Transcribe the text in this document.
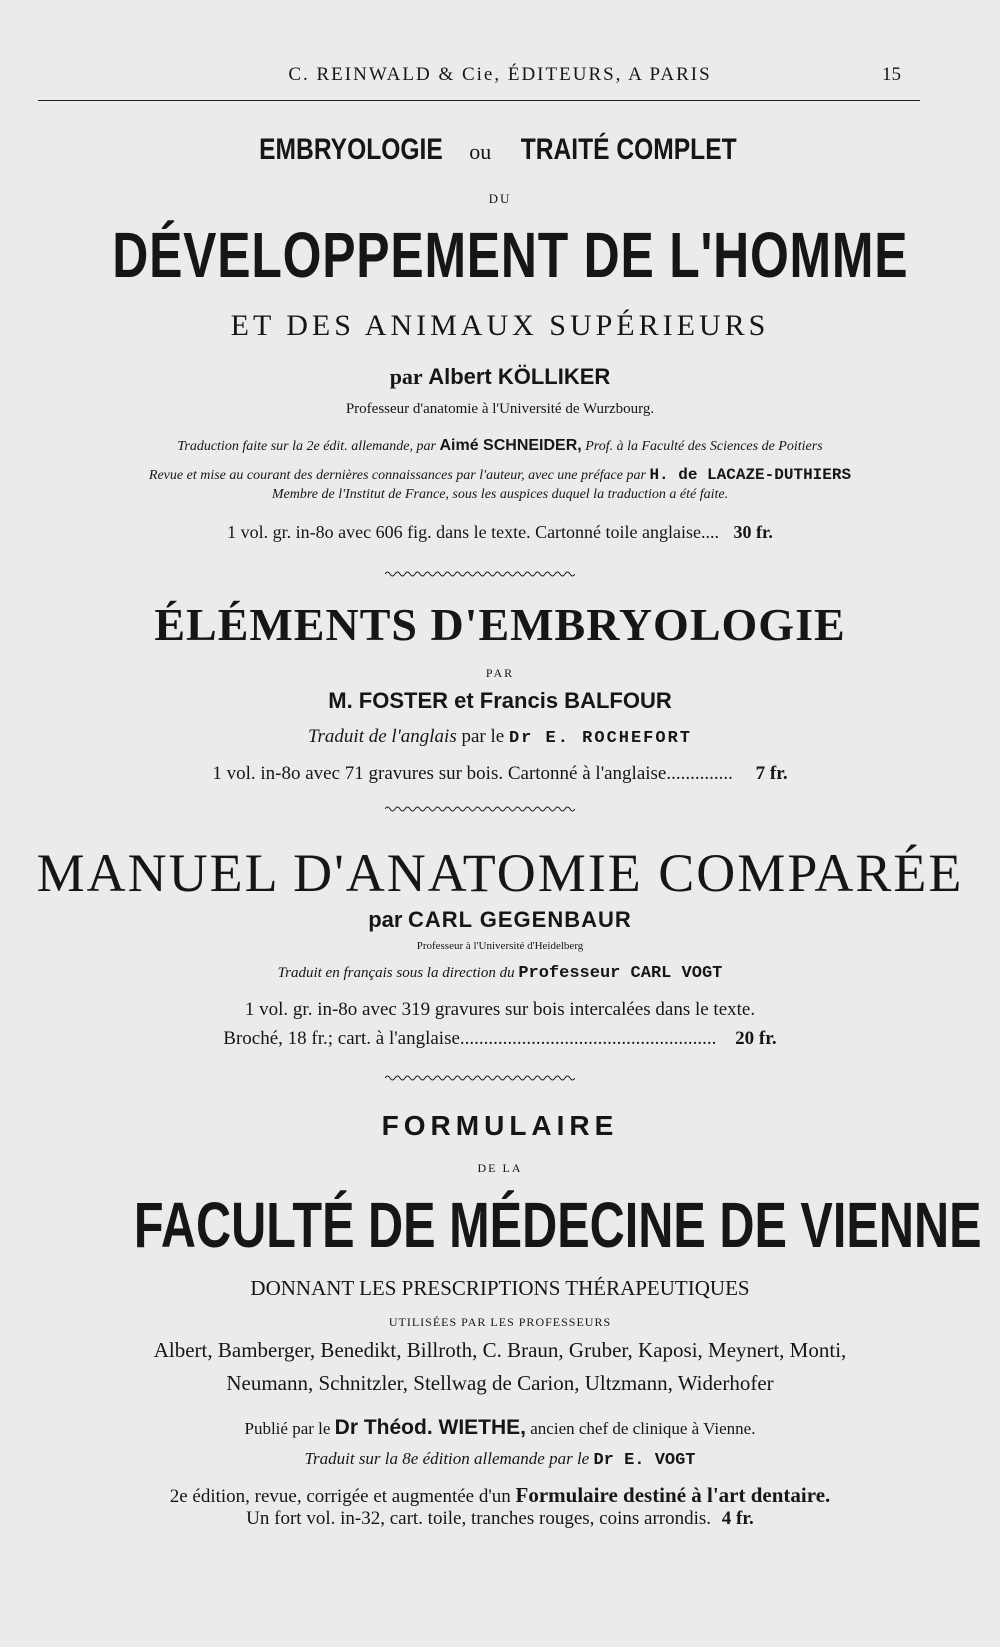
C. REINWALD & Cie, ÉDITEURS, A PARIS	15
EMBRYOLOGIE ou TRAITÉ COMPLET
DU
DÉVELOPPEMENT DE L'HOMME
ET DES ANIMAUX SUPÉRIEURS
par Albert KÖLLIKER
Professeur d'anatomie à l'Université de Wurzbourg.
Traduction faite sur la 2e édit. allemande, par Aimé SCHNEIDER, Prof. à la Faculté des Sciences de Poitiers
Revue et mise au courant des dernières connaissances par l'auteur, avec une préface par H. de LACAZE-DUTHIERS
Membre de l'Institut de France, sous les auspices duquel la traduction a été faite.
1 vol. gr. in-8o avec 606 fig. dans le texte. Cartonné toile anglaise.... 30 fr.
ÉLÉMENTS D'EMBRYOLOGIE
PAR
M. FOSTER et Francis BALFOUR
Traduit de l'anglais par le Dr E. ROCHEFORT
1 vol. in-8o avec 71 gravures sur bois. Cartonné à l'anglaise.............. 7 fr.
MANUEL D'ANATOMIE COMPARÉE
par CARL GEGENBAUR
Professeur à l'Université d'Heidelberg
Traduit en français sous la direction du Professeur CARL VOGT
1 vol. gr. in-8o avec 319 gravures sur bois intercalées dans le texte.
Broché, 18 fr.; cart. à l'anglaise...................................................... 20 fr.
FORMULAIRE
DE LA
FACULTÉ DE MÉDECINE DE VIENNE
DONNANT LES PRESCRIPTIONS THÉRAPEUTIQUES
UTILISÉES PAR LES PROFESSEURS
Albert, Bamberger, Benedikt, Billroth, C. Braun, Gruber, Kaposi, Meynert, Monti,
Neumann, Schnitzler, Stellwag de Carion, Ultzmann, Widerhofer
Publié par le Dr Théod. WIETHE, ancien chef de clinique à Vienne.
Traduit sur la 8e édition allemande par le Dr E. VOGT
2e édition, revue, corrigée et augmentée d'un Formulaire destiné à l'art dentaire.
Un fort vol. in-32, cart. toile, tranches rouges, coins arrondis. 4 fr.
